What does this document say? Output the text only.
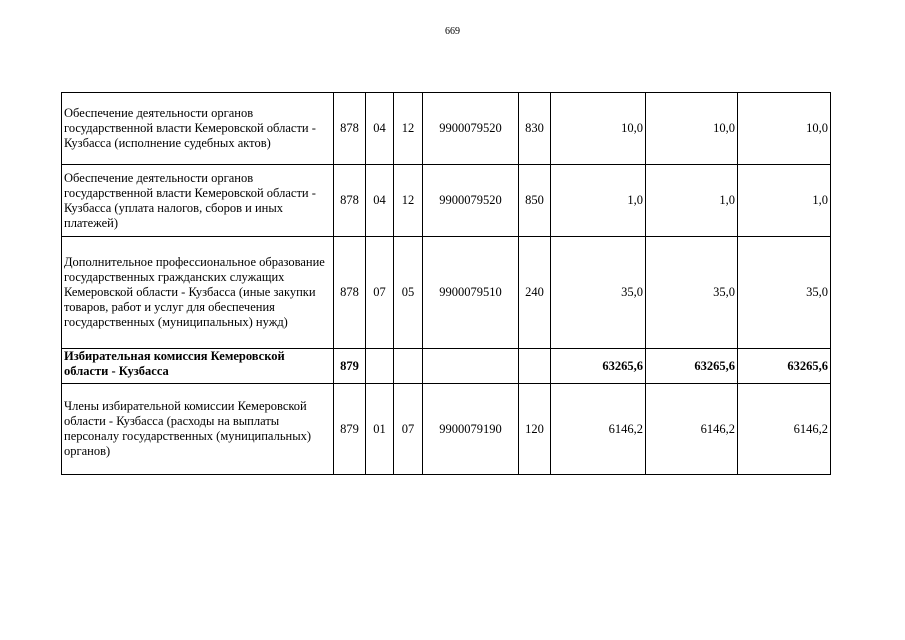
669
Обеспечение деятельности органов государственной власти Кемеровской области - Кузбасса (исполнение судебных актов)	878	04	12	9900079520	830	10,0	10,0	10,0
Обеспечение деятельности органов государственной власти Кемеровской области - Кузбасса (уплата налогов, сборов и иных платежей)	878	04	12	9900079520	850	1,0	1,0	1,0
Дополнительное профессиональное образование государственных гражданских служащих Кемеровской области - Кузбасса (иные закупки товаров, работ и услуг для обеспечения государственных (муниципальных) нужд)	878	07	05	9900079510	240	35,0	35,0	35,0
Избирательная комиссия Кемеровской области - Кузбасса	879					63265,6	63265,6	63265,6
Члены избирательной комиссии Кемеровской области - Кузбасса (расходы на выплаты персоналу государственных (муниципальных) органов)	879	01	07	9900079190	120	6146,2	6146,2	6146,2
